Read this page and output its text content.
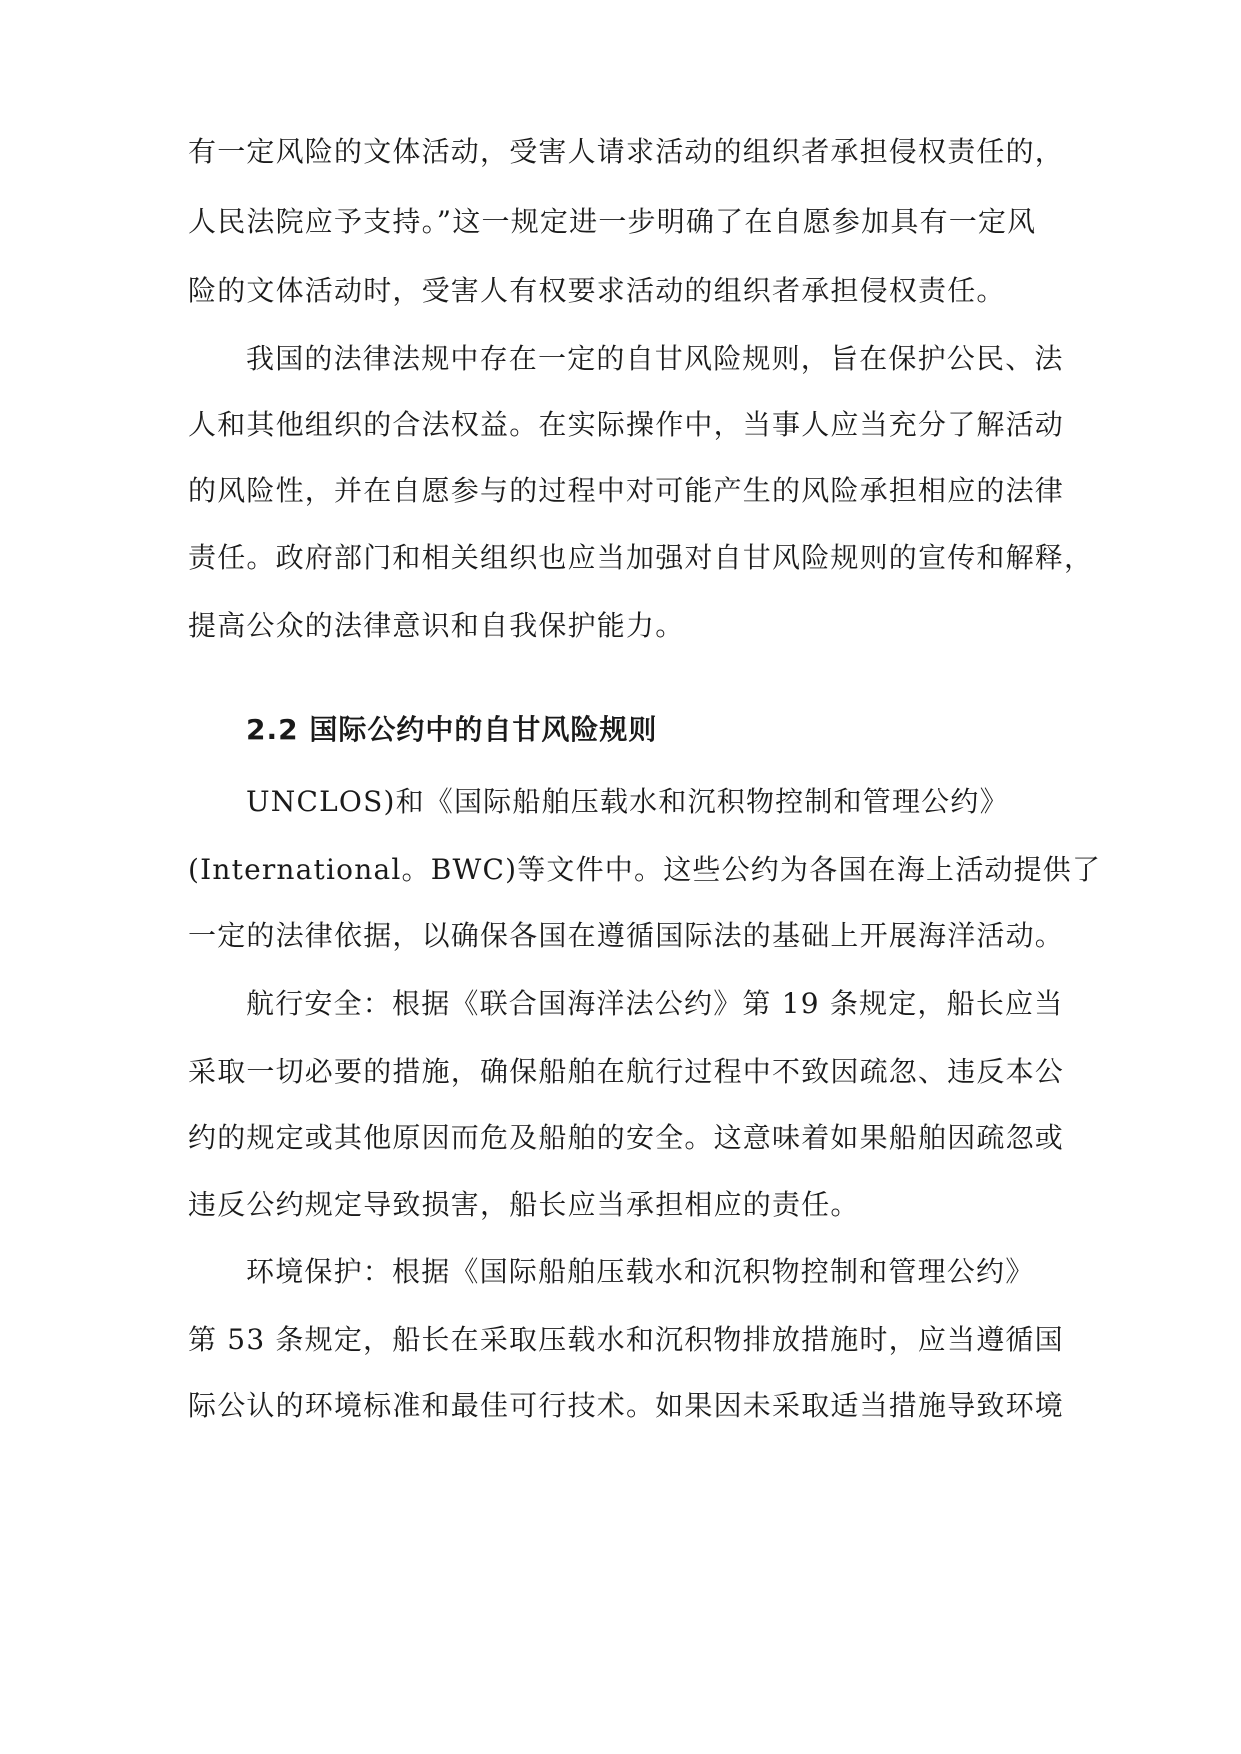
有一定风险的文体活动，受害人请求活动的组织者承担侵权责任的，
人民法院应予支持。”这一规定进一步明确了在自愿参加具有一定风
险的文体活动时，受害人有权要求活动的组织者承担侵权责任。
我国的法律法规中存在一定的自甘风险规则，旨在保护公民、法
人和其他组织的合法权益。在实际操作中，当事人应当充分了解活动
的风险性，并在自愿参与的过程中对可能产生的风险承担相应的法律
责任。政府部门和相关组织也应当加强对自甘风险规则的宣传和解释，
提高公众的法律意识和自我保护能力。
2.2 国际公约中的自甘风险规则
UNCLOS)和《国际船舶压载水和沉积物控制和管理公约》
(International。BWC)等文件中。这些公约为各国在海上活动提供了
一定的法律依据，以确保各国在遵循国际法的基础上开展海洋活动。
航行安全：根据《联合国海洋法公约》第 19 条规定，船长应当
采取一切必要的措施，确保船舶在航行过程中不致因疏忽、违反本公
约的规定或其他原因而危及船舶的安全。这意味着如果船舶因疏忽或
违反公约规定导致损害，船长应当承担相应的责任。
环境保护：根据《国际船舶压载水和沉积物控制和管理公约》
第 53 条规定，船长在采取压载水和沉积物排放措施时，应当遵循国
际公认的环境标准和最佳可行技术。如果因未采取适当措施导致环境
